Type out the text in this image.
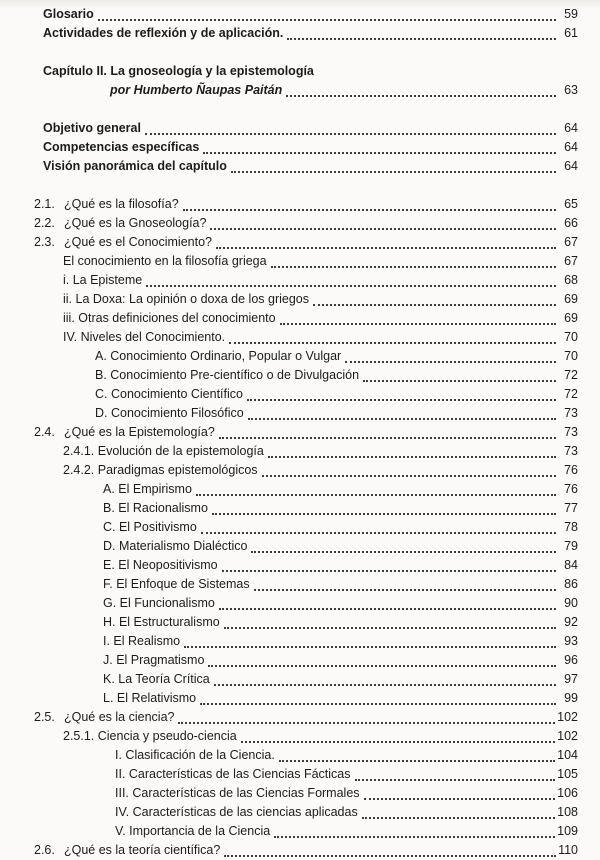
Glosario	59
Actividades de reflexión y de aplicación.	61
Capítulo II. La gnoseología y la epistemología
por Humberto Ñaupas Paitán	63
Objetivo general	64
Competencias específicas	64
Visión panorámica del capítulo	64
2.1. ¿Qué es la filosofía?	65
2.2. ¿Qué es la Gnoseología?	66
2.3. ¿Qué es el Conocimiento?	67
El conocimiento en la filosofía griega	67
i. La Episteme	68
ii. La Doxa: La opinión o doxa de los griegos	69
iii. Otras definiciones del conocimiento	69
IV. Niveles del Conocimiento.	70
A. Conocimiento Ordinario, Popular o Vulgar	70
B. Conocimiento Pre-científico o de Divulgación	72
C. Conocimiento Científico	72
D. Conocimiento Filosófico	73
2.4. ¿Qué es la Epistemología?	73
2.4.1. Evolución de la epistemología	73
2.4.2. Paradigmas epistemológicos	76
A. El Empirismo	76
B. El Racionalismo	77
C. El Positivismo	78
D. Materialismo Dialéctico	79
E. El Neopositivismo	84
F. El Enfoque de Sistemas	86
G. El Funcionalismo	90
H. El Estructuralismo	92
I. El Realismo	93
J. El Pragmatismo	96
K. La Teoría Crítica	97
L. El Relativismo	99
2.5. ¿Qué es la ciencia?	102
2.5.1. Ciencia y pseudo-ciencia	102
I. Clasificación de la Ciencia.	104
II. Características de las Ciencias Fácticas	105
III. Características de las Ciencias Formales	106
IV. Características de las ciencias aplicadas	108
V. Importancia de la Ciencia	109
2.6. ¿Qué es la teoría científica?	110
